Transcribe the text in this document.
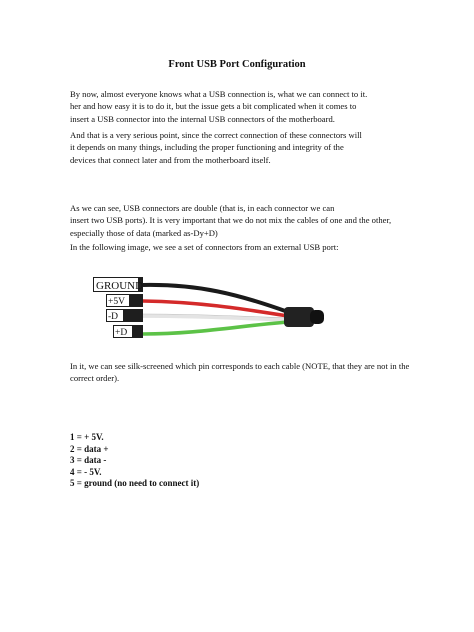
Front USB Port Configuration

By now, almost everyone knows what a USB connection is, what we can connect to it.
her and how easy it is to do it, but the issue gets a bit complicated when it comes to
insert a USB connector into the internal USB connectors of the motherboard.

And that is a very serious point, since the correct connection of these connectors will
it depends on many things, including the proper functioning and integrity of the
devices that connect later and from the motherboard itself.

As we can see, USB connectors are double (that is, in each connector we can
insert two USB ports). It is very important that we do not mix the cables of one and the other,
especially those of data (marked as-Dy+D)

In the following image, we see a set of connectors from an external USB port:

GROUND
+5V
-D
+D

In it, we can see silk-screened which pin corresponds to each cable (NOTE, that they are not in the
correct order).

1 = + 5V.
2 = data +
3 = data -
4 = - 5V.
5 = ground (no need to connect it)
